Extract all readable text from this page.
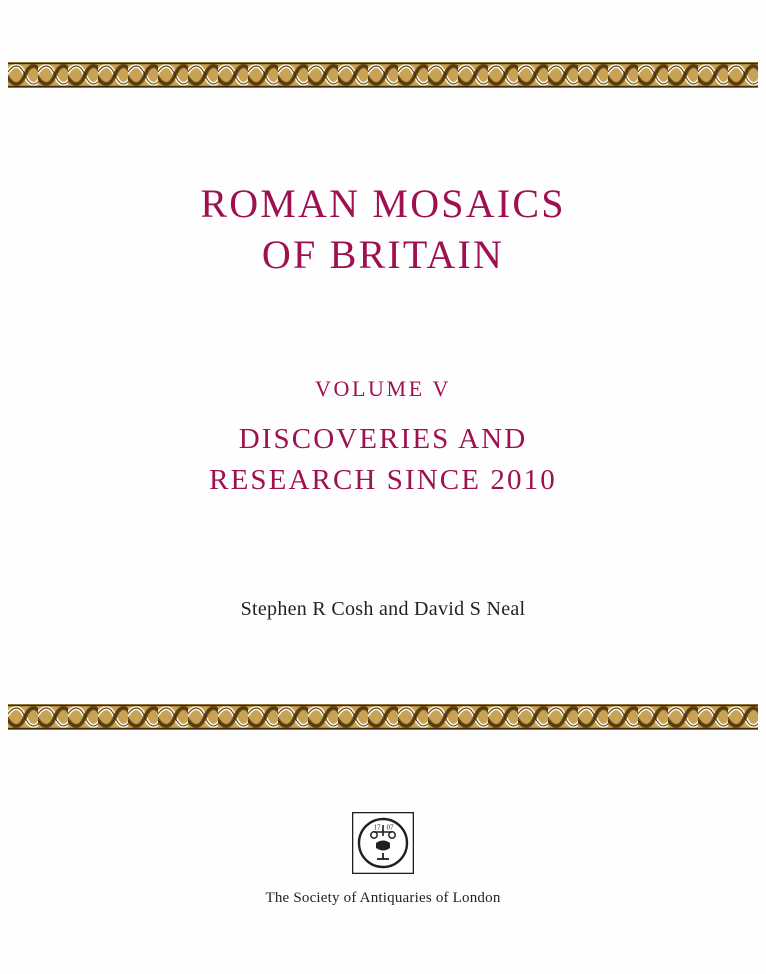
ROMAN MOSAICS
OF BRITAIN

VOLUME V

DISCOVERIES AND

RESEARCH SINCE 2010

Stephen R Cosh and David S Neal
17 07
The Society of Antiquaries of London
